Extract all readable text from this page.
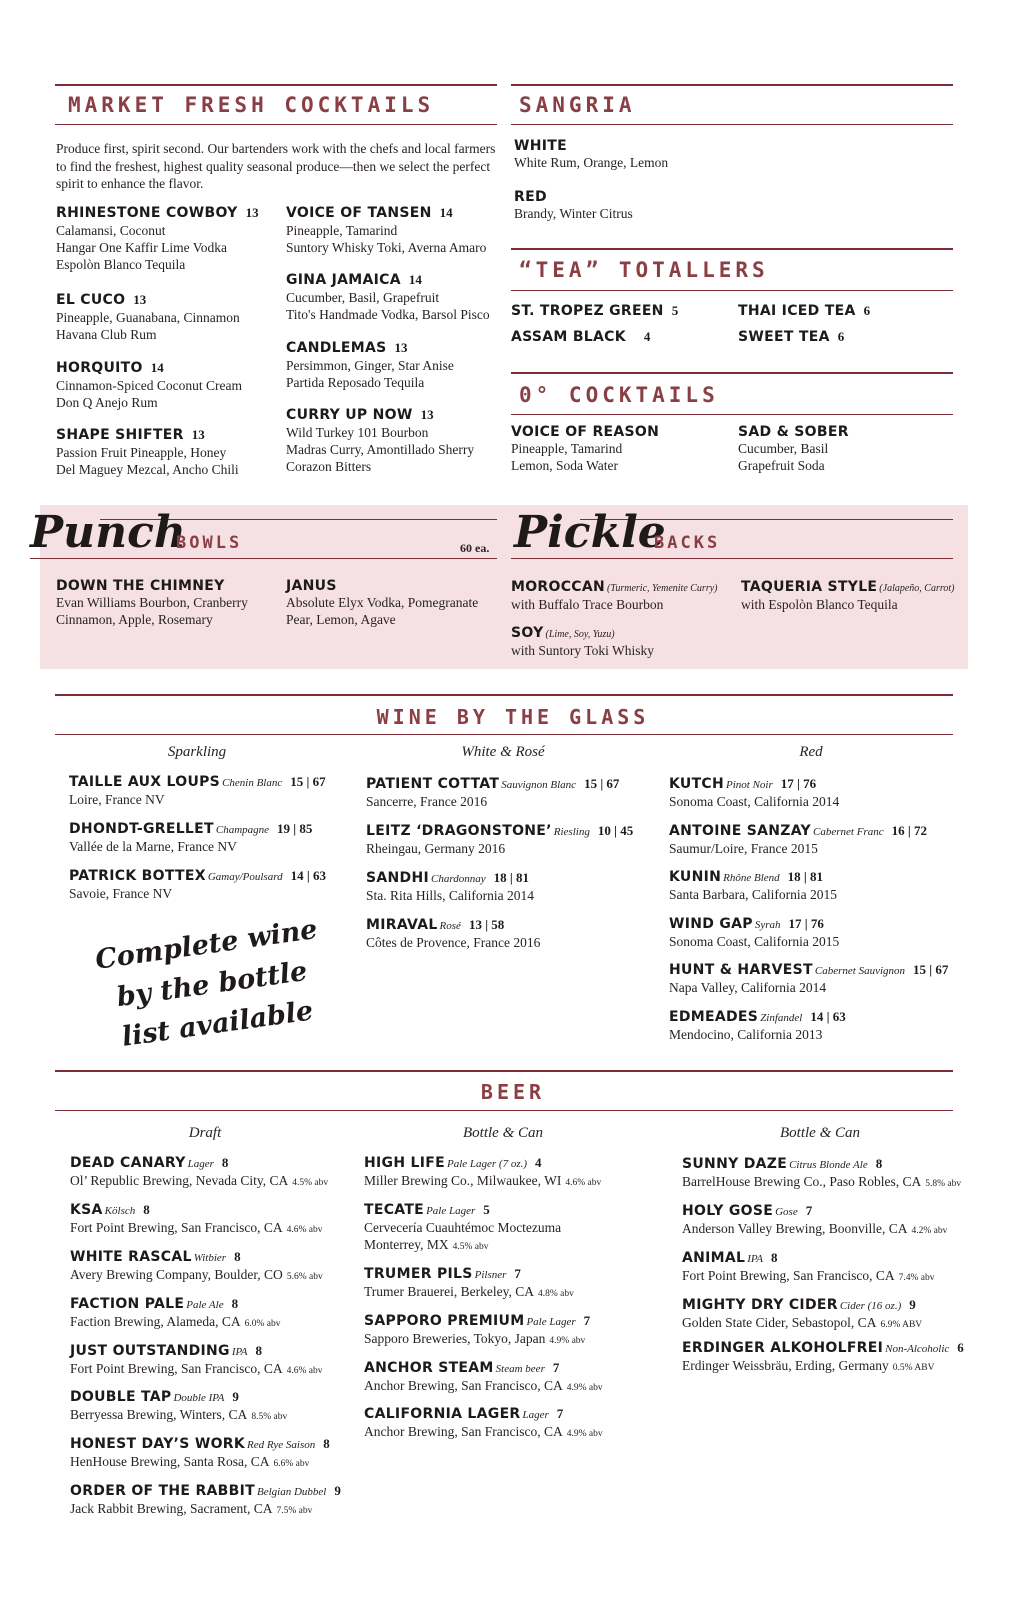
MARKET FRESH COCKTAILS
Produce first, spirit second. Our bartenders work with the chefs and local farmers to find the freshest, highest quality seasonal produce—then we select the perfect spirit to enhance the flavor.
RHINESTONE COWBOY 13
Calamansi, Coconut
Hangar One Kaffir Lime Vodka
Espolòn Blanco Tequila
EL CUCO 13
Pineapple, Guanabana, Cinnamon
Havana Club Rum
HORQUITO 14
Cinnamon-Spiced Coconut Cream
Don Q Anejo Rum
SHAPE SHIFTER 13
Passion Fruit Pineapple, Honey
Del Maguey Mezcal, Ancho Chili
VOICE OF TANSEN 14
Pineapple, Tamarind
Suntory Whisky Toki, Averna Amaro
GINA JAMAICA 14
Cucumber, Basil, Grapefruit
Tito's Handmade Vodka, Barsol Pisco
CANDLEMAS 13
Persimmon, Ginger, Star Anise
Partida Reposado Tequila
CURRY UP NOW 13
Wild Turkey 101 Bourbon
Madras Curry, Amontillado Sherry
Corazon Bitters
SANGRIA
WHITE
White Rum, Orange, Lemon
RED
Brandy, Winter Citrus
“TEA” TOTALLERS
ST. TROPEZ GREEN 5
ASSAM BLACK 4
THAI ICED TEA 6
SWEET TEA 6
0° COCKTAILS
VOICE OF REASON
Pineapple, Tamarind
Lemon, Soda Water
SAD & SOBER
Cucumber, Basil
Grapefruit Soda
Punch
BOWLS	60 ea.
DOWN THE CHIMNEY
Evan Williams Bourbon, Cranberry
Cinnamon, Apple, Rosemary
JANUS
Absolute Elyx Vodka, Pomegranate
Pear, Lemon, Agave
Pickle
BACKS
MOROCCAN (Turmeric, Yemenite Curry)
with Buffalo Trace Bourbon
SOY (Lime, Soy, Yuzu)
with Suntory Toki Whisky
TAQUERIA STYLE (Jalapeño, Carrot)
with Espolòn Blanco Tequila
WINE BY THE GLASS
Sparkling	White & Rosé	Red
TAILLE AUX LOUPS Chenin Blanc 15 | 67
Loire, France NV
DHONDT-GRELLET Champagne 19 | 85
Vallée de la Marne, France NV
PATRICK BOTTEX Gamay/Poulsard 14 | 63
Savoie, France NV
Complete wine by the bottle list available
PATIENT COTTAT Sauvignon Blanc 15 | 67
Sancerre, France 2016
LEITZ ‘DRAGONSTONE’ Riesling 10 | 45
Rheingau, Germany 2016
SANDHI Chardonnay 18 | 81
Sta. Rita Hills, California 2014
MIRAVAL Rosé 13 | 58
Côtes de Provence, France 2016
KUTCH Pinot Noir 17 | 76
Sonoma Coast, California 2014
ANTOINE SANZAY Cabernet Franc 16 | 72
Saumur/Loire, France 2015
KUNIN Rhône Blend 18 | 81
Santa Barbara, California 2015
WIND GAP Syrah 17 | 76
Sonoma Coast, California 2015
HUNT & HARVEST Cabernet Sauvignon 15 | 67
Napa Valley, California 2014
EDMEADES Zinfandel 14 | 63
Mendocino, California 2013
BEER
Draft	Bottle & Can	Bottle & Can
DEAD CANARY Lager 8
Ol’ Republic Brewing, Nevada City, CA 4.5% abv
KSA Kölsch 8
Fort Point Brewing, San Francisco, CA 4.6% abv
WHITE RASCAL Witbier 8
Avery Brewing Company, Boulder, CO 5.6% abv
FACTION PALE Pale Ale 8
Faction Brewing, Alameda, CA 6.0% abv
JUST OUTSTANDING IPA 8
Fort Point Brewing, San Francisco, CA 4.6% abv
DOUBLE TAP Double IPA 9
Berryessa Brewing, Winters, CA 8.5% abv
HONEST DAY’S WORK Red Rye Saison 8
HenHouse Brewing, Santa Rosa, CA 6.6% abv
ORDER OF THE RABBIT Belgian Dubbel 9
Jack Rabbit Brewing, Sacrament, CA 7.5% abv
HIGH LIFE Pale Lager (7 oz.) 4
Miller Brewing Co., Milwaukee, WI 4.6% abv
TECATE Pale Lager 5
Cervecería Cuauhtémoc Moctezuma
Monterrey, MX 4.5% abv
TRUMER PILS Pilsner 7
Trumer Brauerei, Berkeley, CA 4.8% abv
SAPPORO PREMIUM Pale Lager 7
Sapporo Breweries, Tokyo, Japan 4.9% abv
ANCHOR STEAM Steam beer 7
Anchor Brewing, San Francisco, CA 4.9% abv
CALIFORNIA LAGER Lager 7
Anchor Brewing, San Francisco, CA 4.9% abv
SUNNY DAZE Citrus Blonde Ale 8
BarrelHouse Brewing Co., Paso Robles, CA 5.8% abv
HOLY GOSE Gose 7
Anderson Valley Brewing, Boonville, CA 4.2% abv
ANIMAL IPA 8
Fort Point Brewing, San Francisco, CA 7.4% abv
MIGHTY DRY CIDER Cider (16 oz.) 9
Golden State Cider, Sebastopol, CA 6.9% ABV
ERDINGER ALKOHOLFREI Non-Alcoholic 6
Erdinger Weissbräu, Erding, Germany 0.5% ABV
